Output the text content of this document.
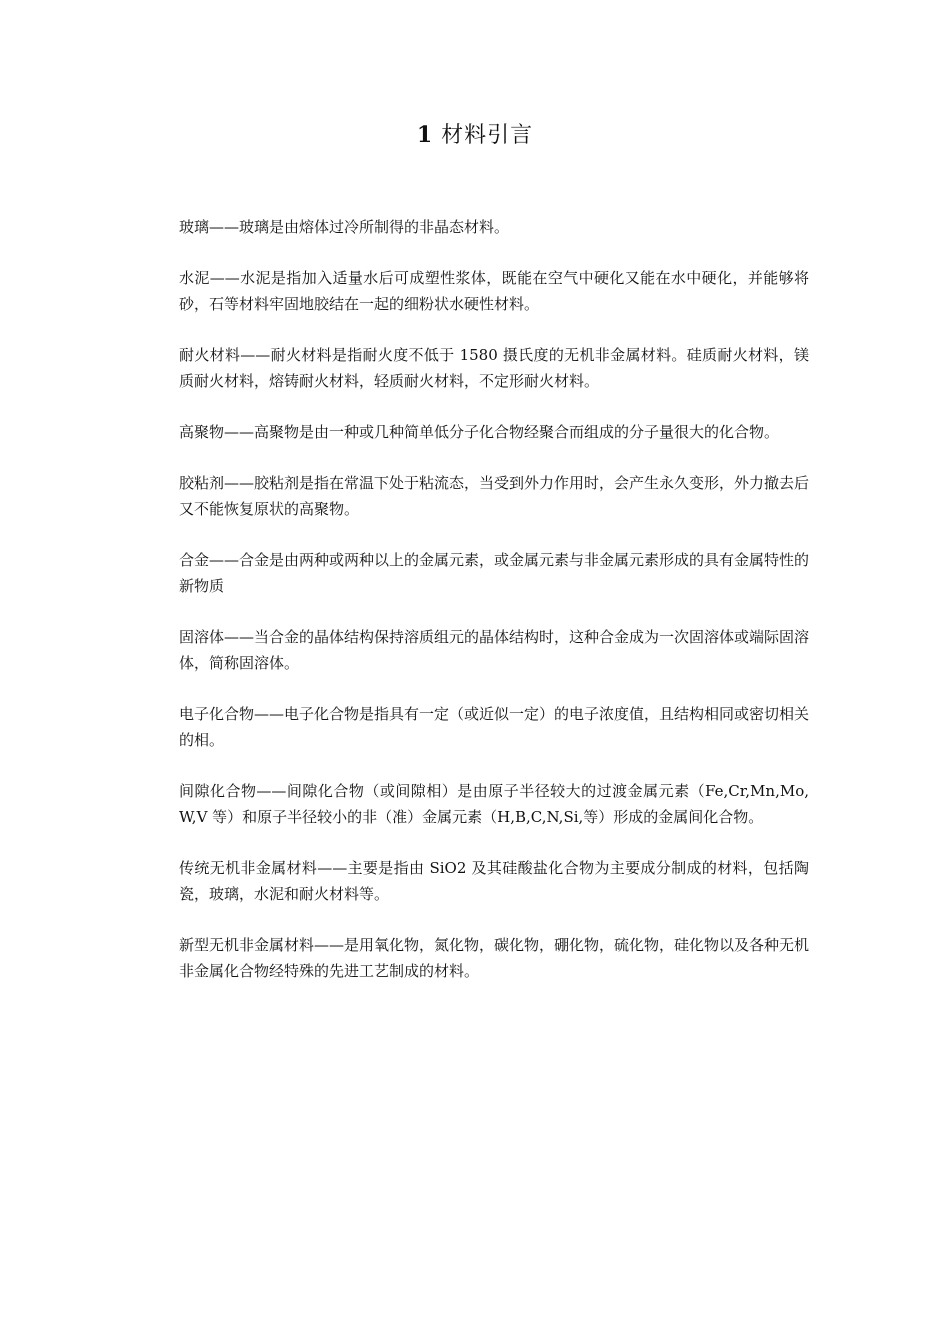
1 材料引言

玻璃——玻璃是由熔体过冷所制得的非晶态材料。

水泥——水泥是指加入适量水后可成塑性浆体，既能在空气中硬化又能在水中硬化，并能够将砂，石等材料牢固地胶结在一起的细粉状水硬性材料。

耐火材料——耐火材料是指耐火度不低于 1580 摄氏度的无机非金属材料。硅质耐火材料，镁质耐火材料，熔铸耐火材料，轻质耐火材料，不定形耐火材料。

高聚物——高聚物是由一种或几种简单低分子化合物经聚合而组成的分子量很大的化合物。

胶粘剂——胶粘剂是指在常温下处于粘流态，当受到外力作用时，会产生永久变形，外力撤去后又不能恢复原状的高聚物。

合金——合金是由两种或两种以上的金属元素，或金属元素与非金属元素形成的具有金属特性的新物质

固溶体——当合金的晶体结构保持溶质组元的晶体结构时，这种合金成为一次固溶体或端际固溶体，简称固溶体。

电子化合物——电子化合物是指具有一定（或近似一定）的电子浓度值，且结构相同或密切相关的相。

间隙化合物——间隙化合物（或间隙相）是由原子半径较大的过渡金属元素（Fe,Cr,Mn,Mo,W,V 等）和原子半径较小的非（准）金属元素（H,B,C,N,Si,等）形成的金属间化合物。

传统无机非金属材料——主要是指由 SiO2 及其硅酸盐化合物为主要成分制成的材料，包括陶瓷，玻璃，水泥和耐火材料等。

新型无机非金属材料——是用氧化物，氮化物，碳化物，硼化物，硫化物，硅化物以及各种无机非金属化合物经特殊的先进工艺制成的材料。
